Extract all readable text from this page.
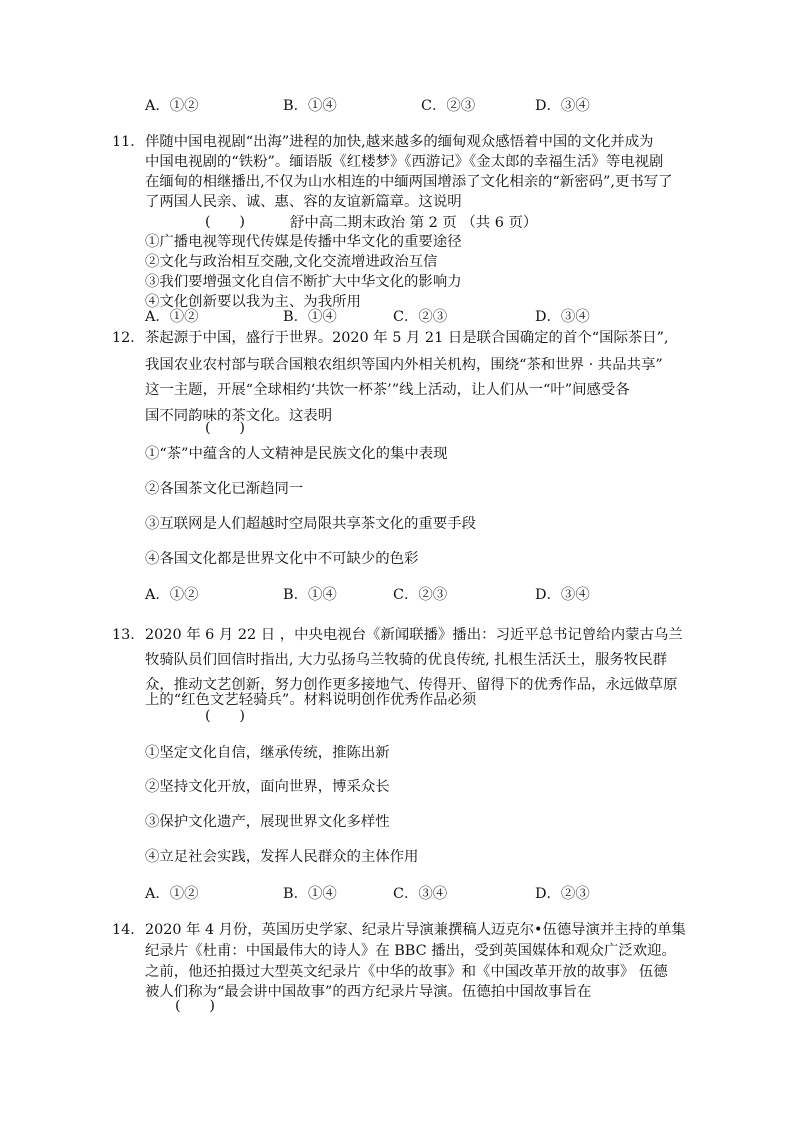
A．①②	B．①④	C．②③	D．③④
11． 伴随中国电视剧“出海”进程的加快,越来越多的缅甸观众感悟着中国的文化并成为
中国电视剧的“铁粉”。缅语版《红楼梦》《西游记》《金太郎的幸福生活》等电视剧
在缅甸的相继播出,不仅为山水相连的中缅两国增添了文化相亲的“新密码”,更书写了
了两国人民亲、诚、惠、容的友谊新篇章。这说明
(　　)	舒中高二期末政治 第 2 页 （共 6 页）
①广播电视等现代传媒是传播中华文化的重要途径
②文化与政治相互交融,文化交流增进政治互信
③我们要增强文化自信不断扩大中华文化的影响力
④文化创新要以我为主、为我所用
A．①②	B．①④	C．②③	D．③④
12． 茶起源于中国，盛行于世界。2020 年 5 月 21 日是联合国确定的首个“国际茶日”,
我国农业农村部与联合国粮农组织等国内外相关机构，围绕“茶和世界 · 共品共享”
这一主题，开展“全球相约‘共饮一杯茶’”线上活动，让人们从一“叶”间感受各
国不同韵味的茶文化。这表明
(　　)
①“茶”中蕴含的人文精神是民族文化的集中表现
②各国茶文化已渐趋同一
③互联网是人们超越时空局限共享茶文化的重要手段
④各国文化都是世界文化中不可缺少的色彩
A．①②	B．①④	C．②③	D．③④
13． 2020 年 6 月 22 日 ，中央电视台《新闻联播》播出：习近平总书记曾给内蒙古乌兰
牧骑队员们回信时指出, 大力弘扬乌兰牧骑的优良传统, 扎根生活沃土，服务牧民群
众，推动文艺创新，努力创作更多接地气、传得开、留得下的优秀作品，永远做草原
上的“红色文艺轻骑兵”。材料说明创作优秀作品必须
(　　)
①坚定文化自信，继承传统，推陈出新
②坚持文化开放，面向世界，博采众长
③保护文化遗产，展现世界文化多样性
④立足社会实践，发挥人民群众的主体作用
A．①②	B．①④	C．③④	D．②③
14． 2020 年 4 月份，英国历史学家、纪录片导演兼撰稿人迈克尔•伍德导演并主持的单集
纪录片《杜甫：中国最伟大的诗人》在 BBC 播出，受到英国媒体和观众广泛欢迎。
之前，他还拍摄过大型英文纪录片《中华的故事》和《中国改革开放的故事》 伍德
被人们称为“最会讲中国故事”的西方纪录片导演。伍德拍中国故事旨在
(　　)
